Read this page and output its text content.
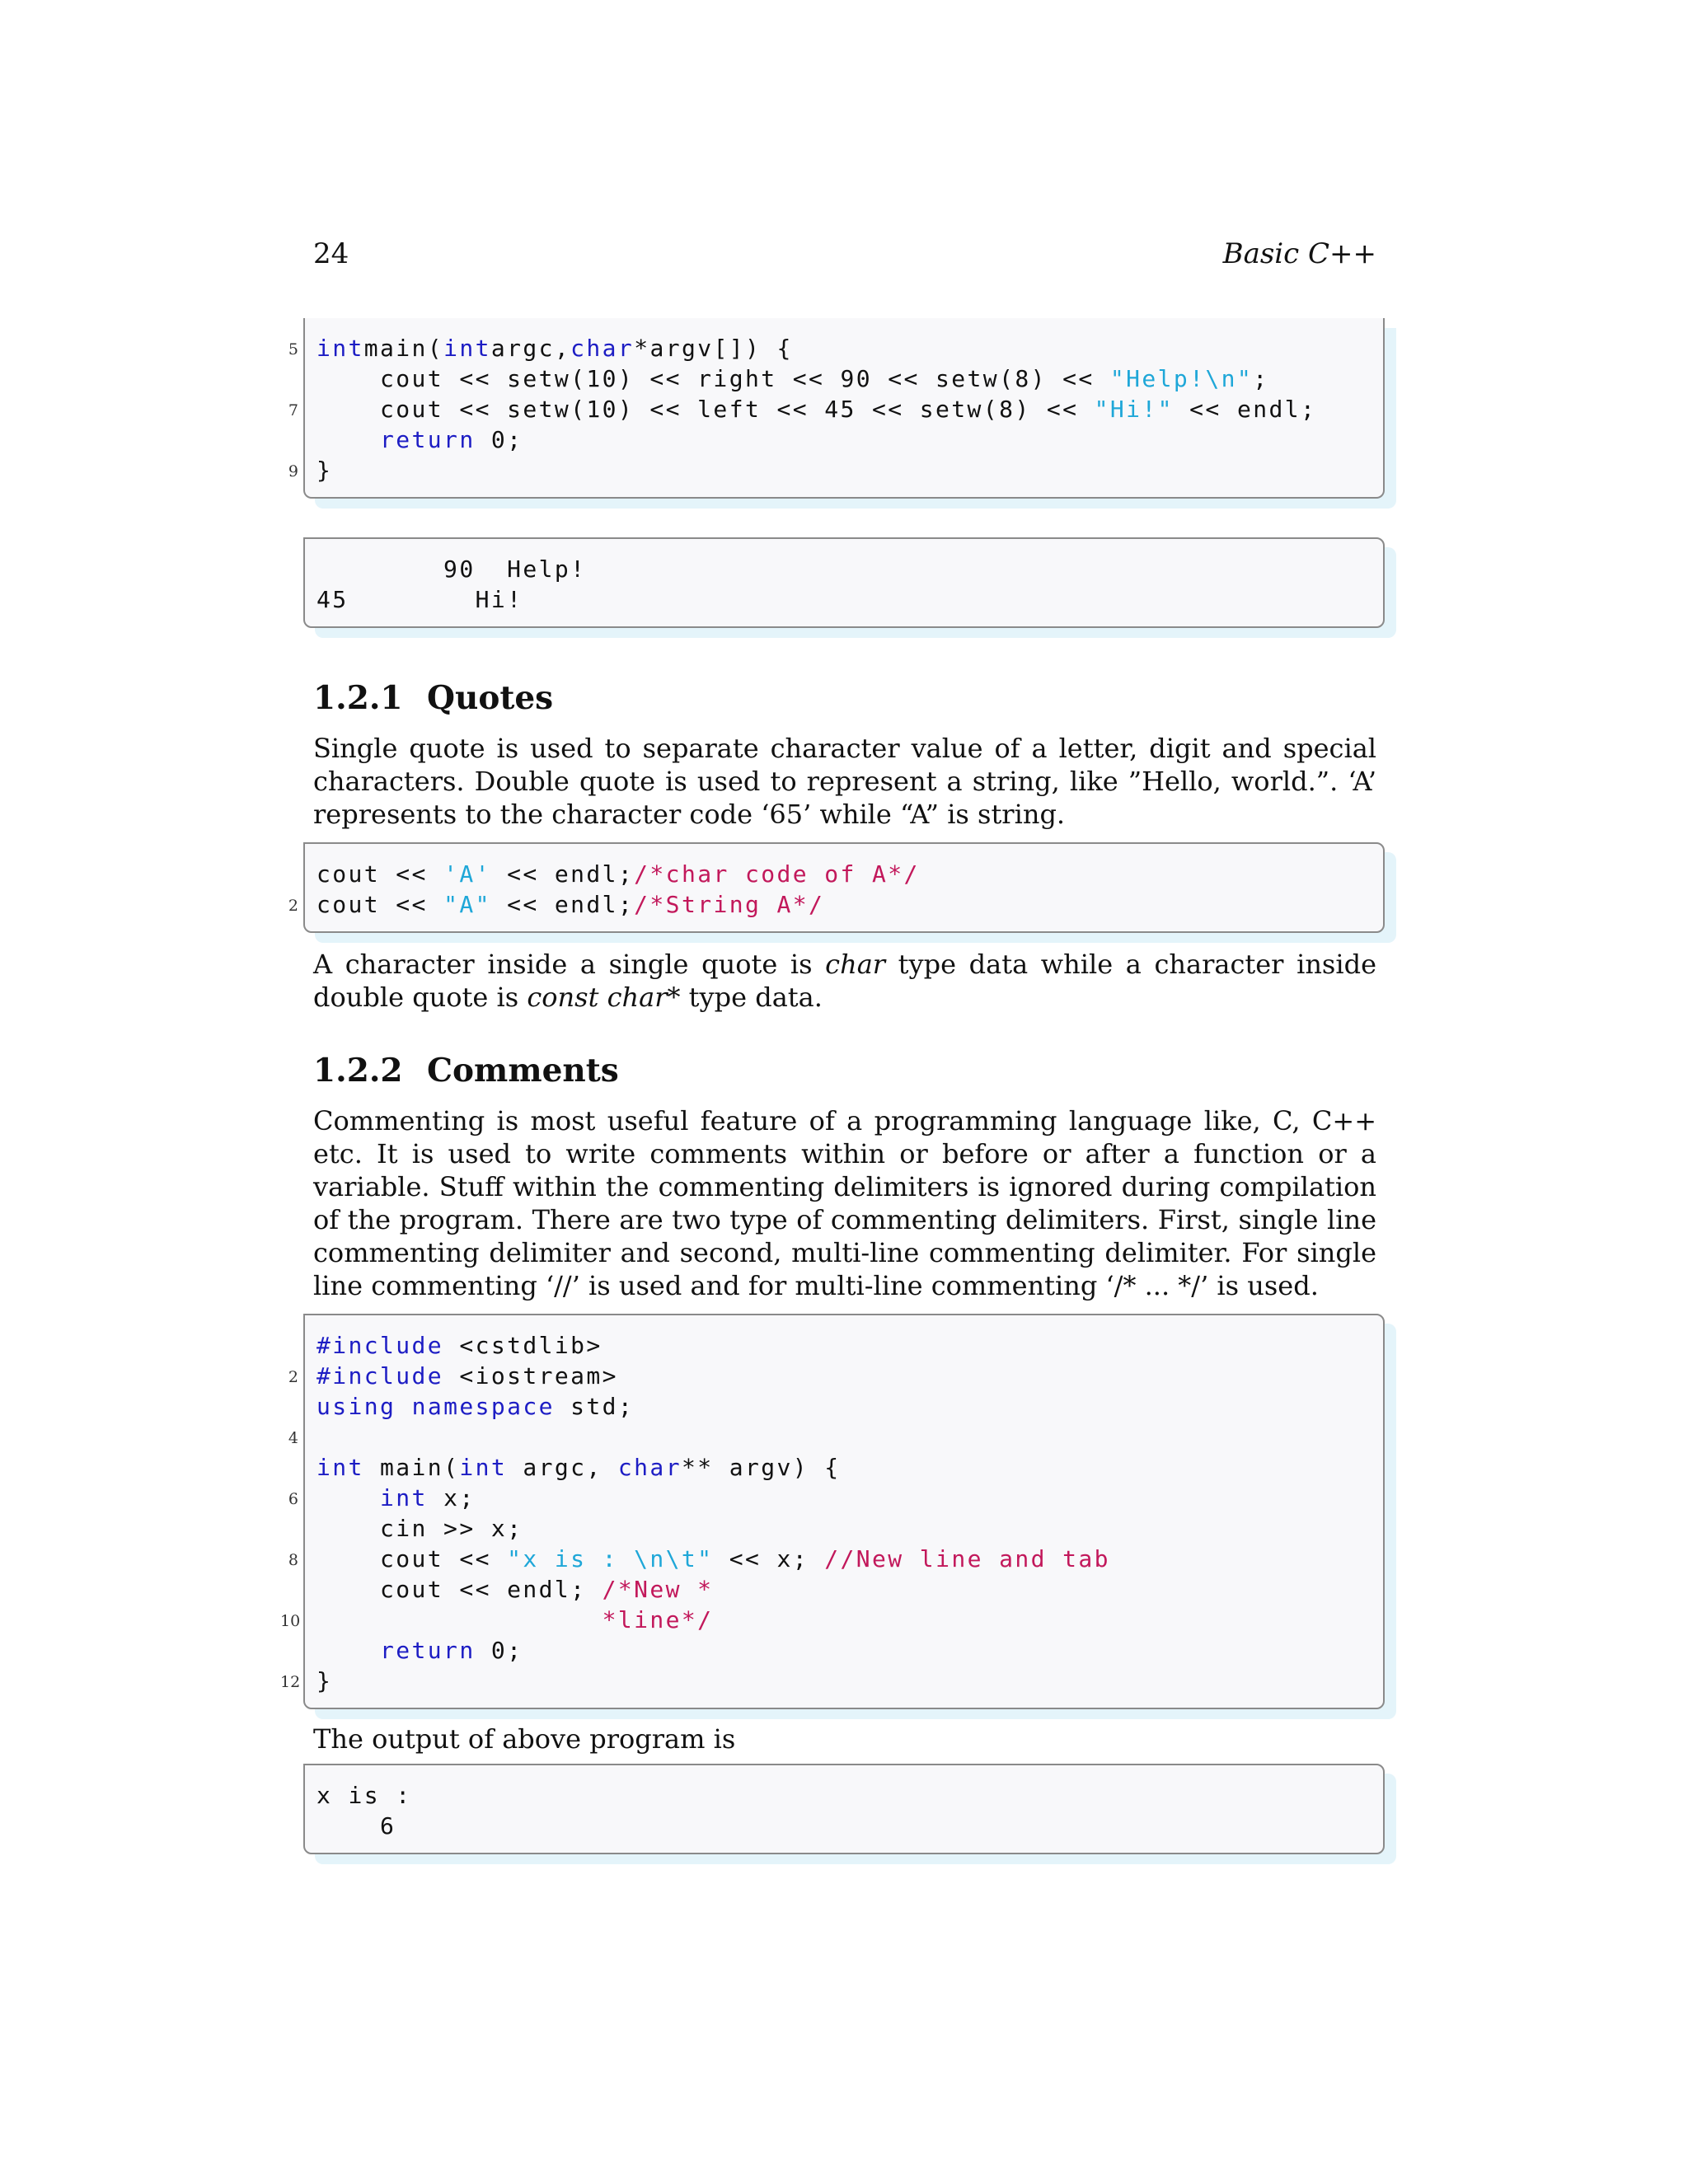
24	Basic C++
5 intmain(intargc,char*argv[]) {
cout << setw(10) << right << 90 << setw(8) << "Help!\n";
7 cout << setw(10) << left << 45 << setw(8) << "Hi!" << endl;
return 0;
9 }
90  Help!
45        Hi!
1.2.1 Quotes

Single quote is used to separate character value of a letter, digit and special characters. Double quote is used to represent a string, like ”Hello, world.”. ‘A’ represents to the character code ‘65’ while “A” is string.

cout << 'A' << endl;/*char code of A*/
2 cout << "A" << endl;/*String A*/

A character inside a single quote is char type data while a character inside double quote is const char* type data.

1.2.2 Comments

Commenting is most useful feature of a programming language like, C, C++ etc. It is used to write comments within or before or after a function or a variable. Stuff within the commenting delimiters is ignored during compilation of the program. There are two type of commenting delimiters. First, single line commenting delimiter and second, multi-line commenting delimiter. For single line commenting ‘//’ is used and for multi-line commenting ‘/* ... */’ is used.

#include <cstdlib>
2 #include <iostream>
using namespace std;
4
int main(int argc, char** argv) {
6	int x;
cin >> x;
8 cout << "x is : \n\t" << x; //New line and tab
cout << endl; /*New *
10 *line*/
return 0;
12 }

The output of above program is

x is :
6
